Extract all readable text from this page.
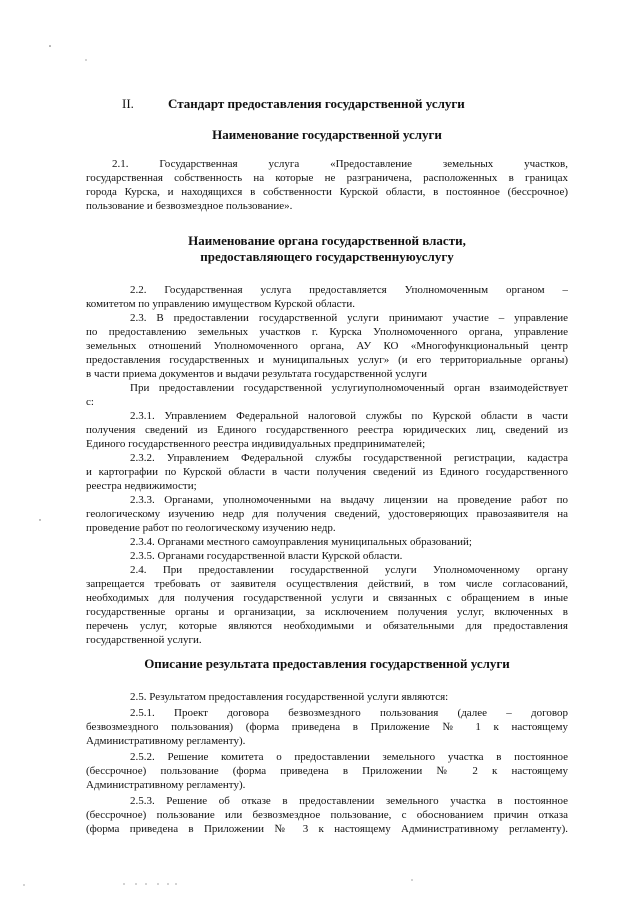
II.	Стандарт предоставления государственной услуги
Наименование государственной услуги
2.1. Государственная услуга «Предоставление земельных участков,
государственная собственность на которые не разграничена, расположенных в границах
города Курска, и находящихся в собственности Курской области, в постоянное (бессрочное)
пользование и безвозмездное пользование».
Наименование органа государственной власти,
предоставляющего государственнуюуслугу
2.2. Государственная услуга предоставляется Уполномоченным органом –
комитетом по управлению имуществом Курской области.
2.3. В предоставлении государственной услуги принимают участие – управление
по предоставлению земельных участков г. Курска Уполномоченного органа, управление
земельных отношений Уполномоченного органа, АУ КО «Многофункциональный центр
предоставления государственных и муниципальных услуг» (и его территориальные органы)
в части приема документов и выдачи результата государственной услуги
При предоставлении государственной услугиуполномоченный орган взаимодействует
с:
2.3.1. Управлением Федеральной налоговой службы по Курской области в части
получения сведений из Единого государственного реестра юридических лиц, сведений из
Единого государственного реестра индивидуальных предпринимателей;
2.3.2. Управлением Федеральной службы государственной регистрации, кадастра
и картографии по Курской области в части получения сведений из Единого государственного
реестра недвижимости;
2.3.3. Органами, уполномоченными на выдачу лицензии на проведение работ по
геологическому изучению недр для получения сведений, удостоверяющих правозаявителя на
проведение работ по геологическому изучению недр.
2.3.4. Органами местного самоуправления муниципальных образований;
2.3.5. Органами государственной власти Курской области.
2.4. При предоставлении государственной услуги Уполномоченному органу
запрещается требовать от заявителя осуществления действий, в том числе согласований,
необходимых для получения государственной услуги и связанных с обращением в иные
государственные органы и организации, за исключением получения услуг, включенных в
перечень услуг, которые являются необходимыми и обязательными для предоставления
государственной услуги.
Описание результата предоставления государственной услуги
2.5. Результатом предоставления государственной услуги являются:
2.5.1. Проект договора безвозмездного пользования (далее – договор
безвозмездного пользования) (форма приведена в Приложение № 1 к настоящему
Административному регламенту).
2.5.2. Решение комитета о предоставлении земельного участка в постоянное
(бессрочное) пользование (форма приведена в Приложении № 2 к настоящему
Административному регламенту).
2.5.3. Решение об отказе в предоставлении земельного участка в постоянное
(бессрочное) пользование или безвозмездное пользование, с обоснованием причин отказа
(форма приведена в Приложении № 3 к настоящему Административному регламенту).
